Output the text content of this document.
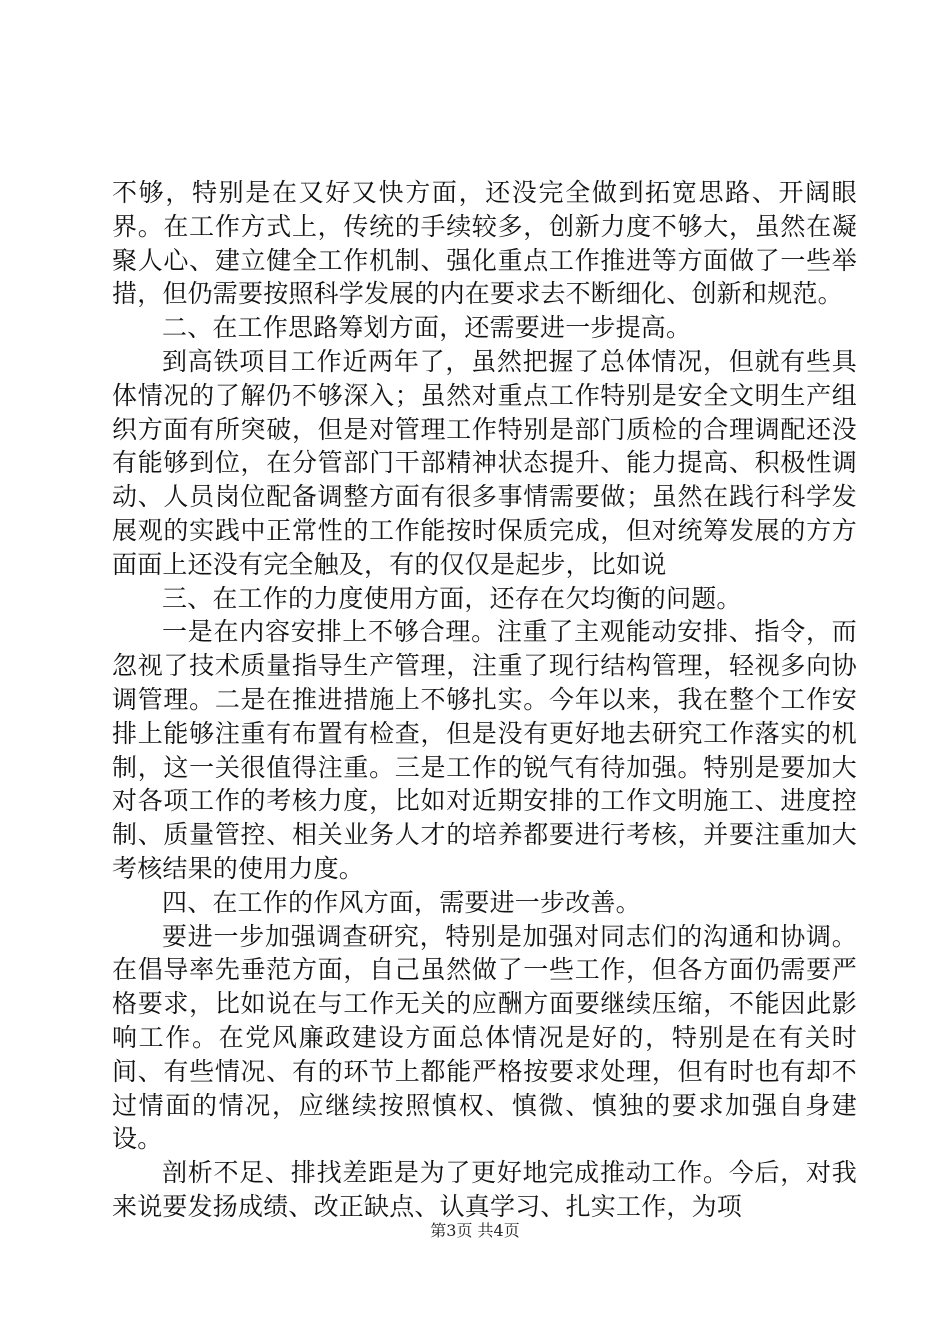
不够，特别是在又好又快方面，还没完全做到拓宽思路、开阔眼界。在工作方式上，传统的手续较多，创新力度不够大，虽然在凝聚人心、建立健全工作机制、强化重点工作推进等方面做了一些举措，但仍需要按照科学发展的内在要求去不断细化、创新和规范。

二、在工作思路筹划方面，还需要进一步提高。

到高铁项目工作近两年了，虽然把握了总体情况，但就有些具体情况的了解仍不够深入；虽然对重点工作特别是安全文明生产组织方面有所突破，但是对管理工作特别是部门质检的合理调配还没有能够到位，在分管部门干部精神状态提升、能力提高、积极性调动、人员岗位配备调整方面有很多事情需要做；虽然在践行科学发展观的实践中正常性的工作能按时保质完成，但对统筹发展的方方面面上还没有完全触及，有的仅仅是起步，比如说

三、在工作的力度使用方面，还存在欠均衡的问题。

一是在内容安排上不够合理。注重了主观能动安排、指令，而忽视了技术质量指导生产管理，注重了现行结构管理，轻视多向协调管理。二是在推进措施上不够扎实。今年以来，我在整个工作安排上能够注重有布置有检查，但是没有更好地去研究工作落实的机制，这一关很值得注重。三是工作的锐气有待加强。特别是要加大对各项工作的考核力度，比如对近期安排的工作文明施工、进度控制、质量管控、相关业务人才的培养都要进行考核，并要注重加大考核结果的使用力度。

四、在工作的作风方面，需要进一步改善。

要进一步加强调查研究，特别是加强对同志们的沟通和协调。在倡导率先垂范方面，自己虽然做了一些工作，但各方面仍需要严格要求，比如说在与工作无关的应酬方面要继续压缩，不能因此影响工作。在党风廉政建设方面总体情况是好的，特别是在有关时间、有些情况、有的环节上都能严格按要求处理，但有时也有却不过情面的情况，应继续按照慎权、慎微、慎独的要求加强自身建设。

剖析不足、排找差距是为了更好地完成推动工作。今后，对我来说要发扬成绩、改正缺点、认真学习、扎实工作，为项

第3页 共4页
